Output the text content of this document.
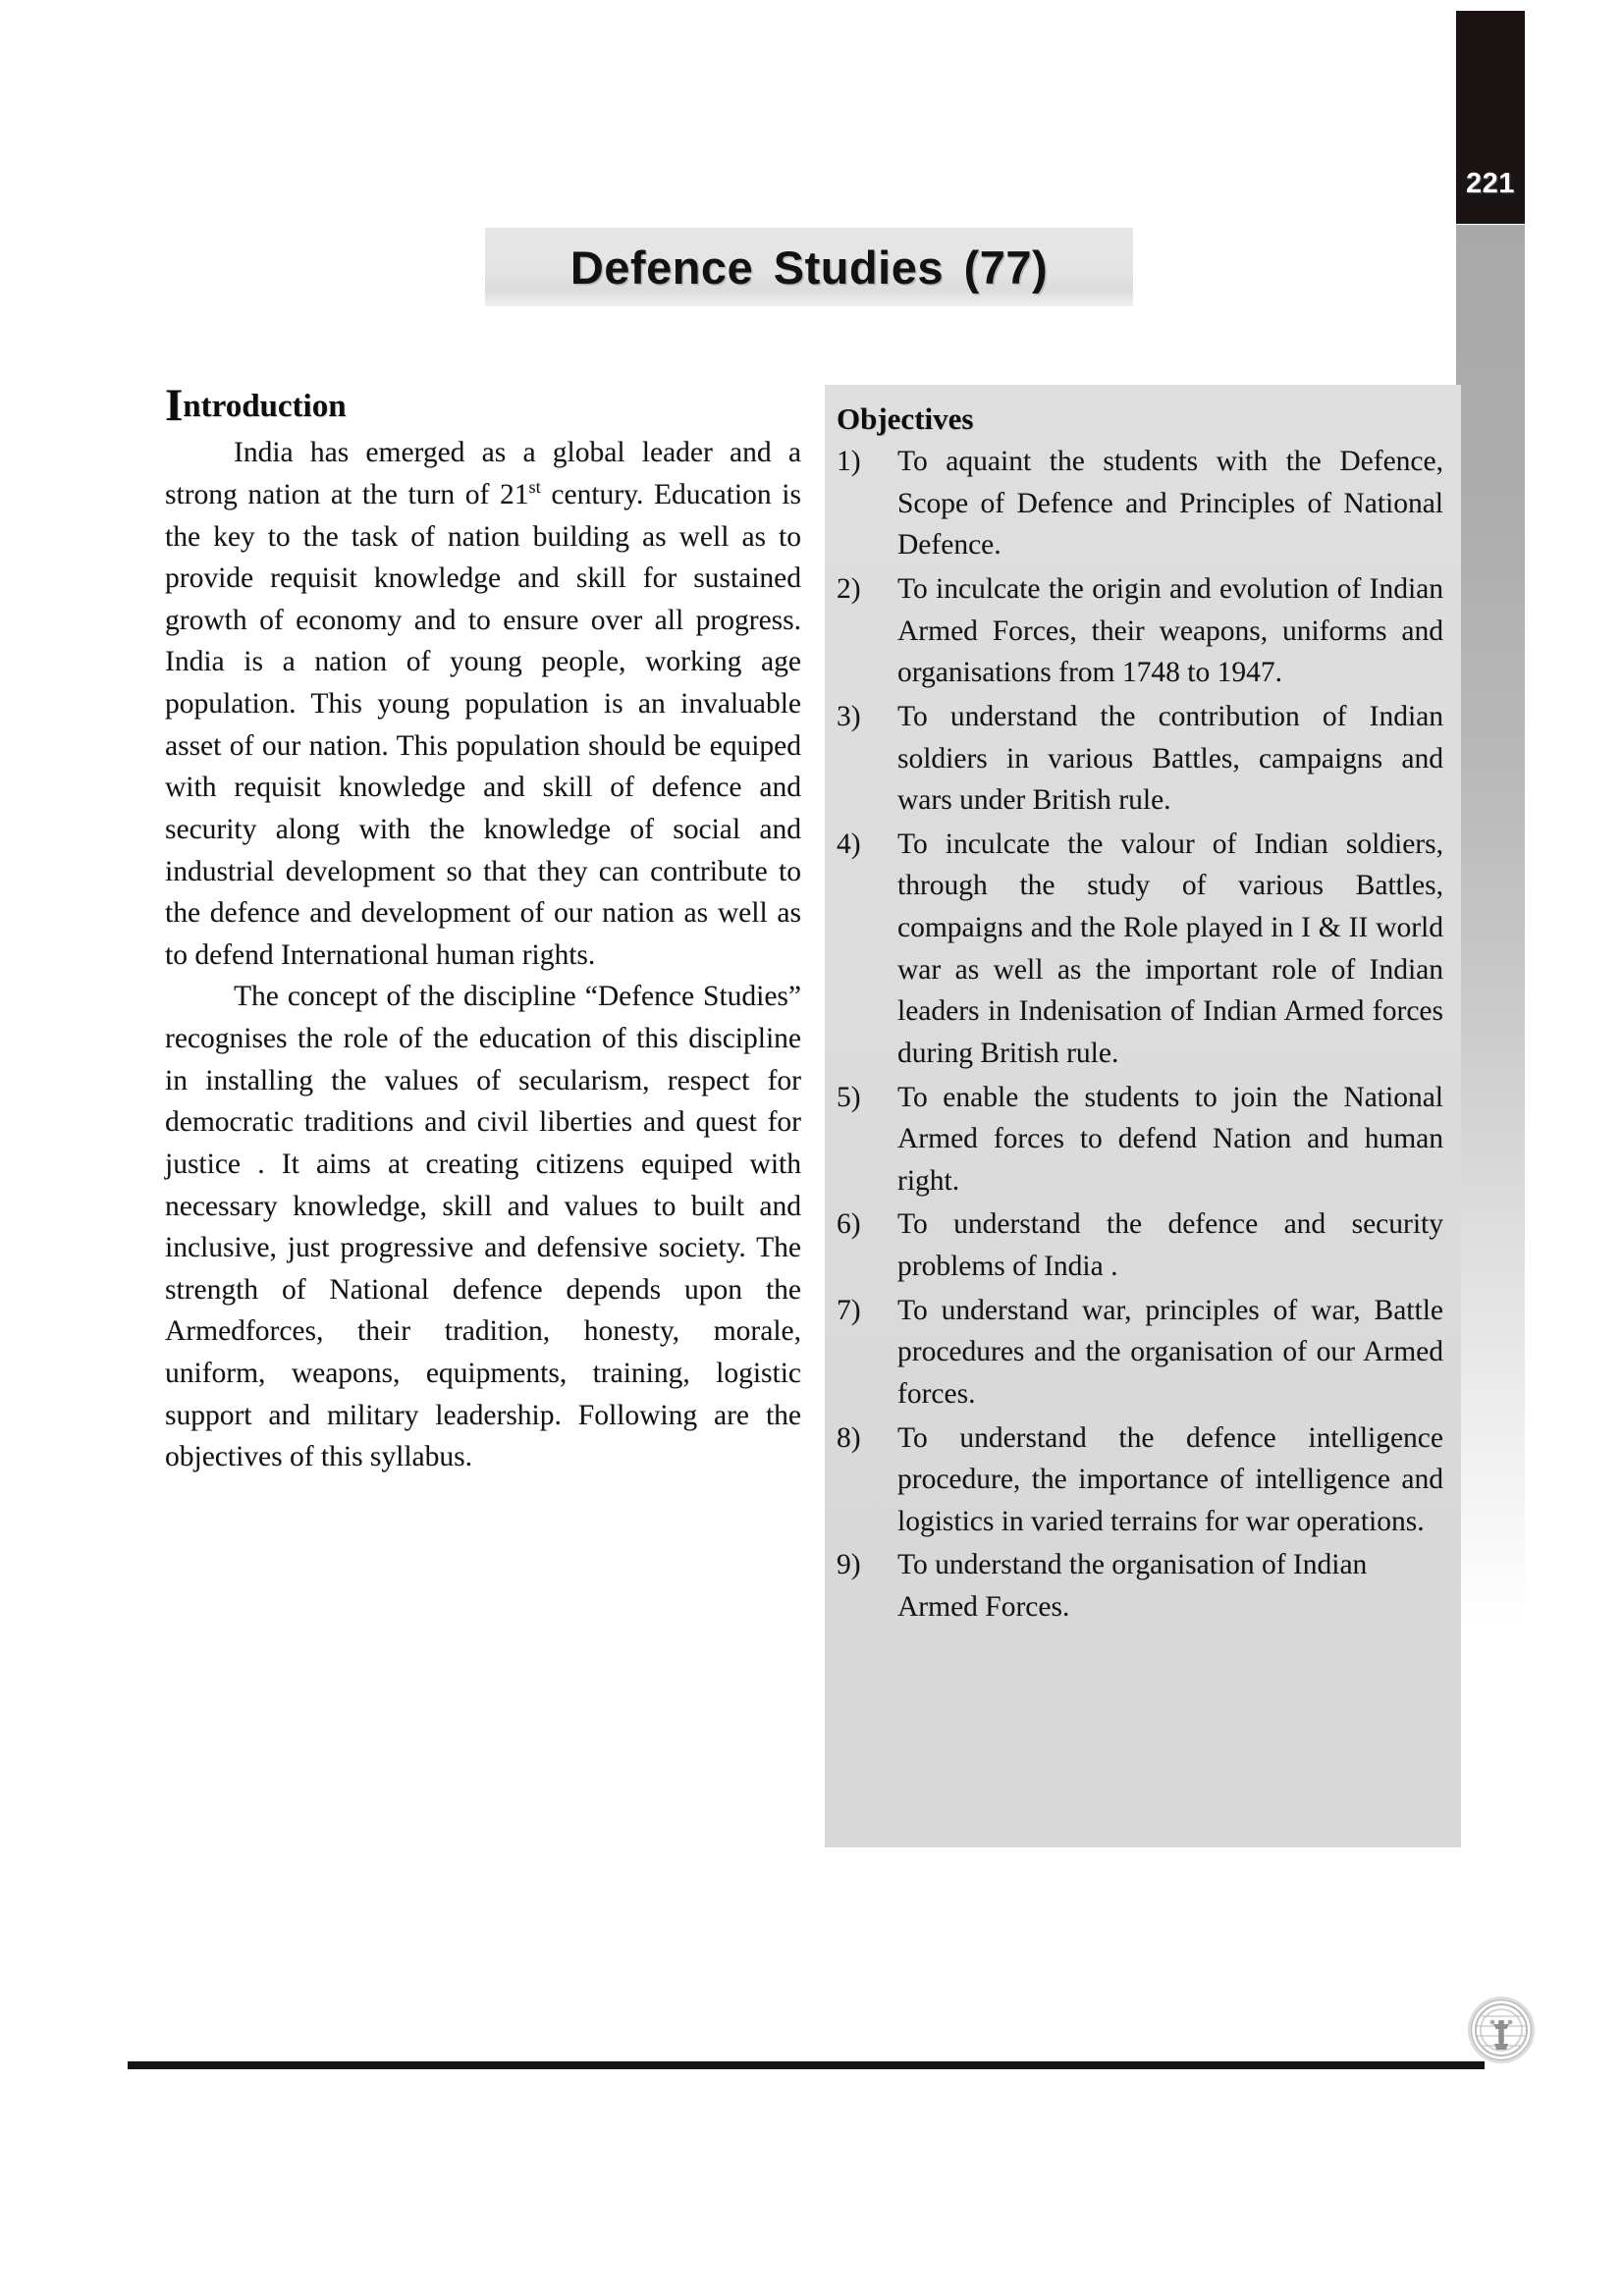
221
Defence Studies (77)
Introduction

India has emerged as a global leader and a strong nation at the turn of 21st century. Education is the key to the task of nation building as well as to provide requisit knowledge and skill for sustained growth of economy and to ensure over all progress. India is a nation of young people, working age population. This young population is an invaluable asset of our nation. This population should be equiped with requisit knowledge and skill of defence and security along with the knowledge of social and industrial development so that they can contribute to the defence and development of our nation as well as to defend International human rights.

The concept of the discipline “Defence Studies” recognises the role of the education of this discipline in installing the values of secularism, respect for democratic traditions and civil liberties and quest for justice . It aims at creating citizens equiped with necessary knowledge, skill and values to built and inclusive, just progressive and defensive society. The strength of National defence depends upon the Armedforces, their tradition, honesty, morale, uniform, weapons, equipments, training, logistic support and military leadership. Following are the objectives of this syllabus.

Objectives
1)	To aquaint the students with the Defence, Scope of Defence and Principles of National Defence.
2)	To inculcate the origin and evolution of Indian Armed Forces, their weapons, uniforms and organisations from 1748 to 1947.
3)	To understand the contribution of Indian soldiers in various Battles, campaigns and wars under British rule.
4)	To inculcate the valour of Indian soldiers, through the study of various Battles, compaigns and the Role played in I & II world war as well as the important role of Indian leaders in Indenisation of Indian Armed forces during British rule.
5)	To enable the students to join the National Armed forces to defend Nation and human right.
6)	To understand the defence and security problems of India .
7)	To understand war, principles of war, Battle procedures and the organisation of our Armed forces.
8)	To understand the defence intelligence procedure, the importance of intelligence and logistics in varied terrains for war operations.
9)	To understand the organisation of Indian Armed Forces.
